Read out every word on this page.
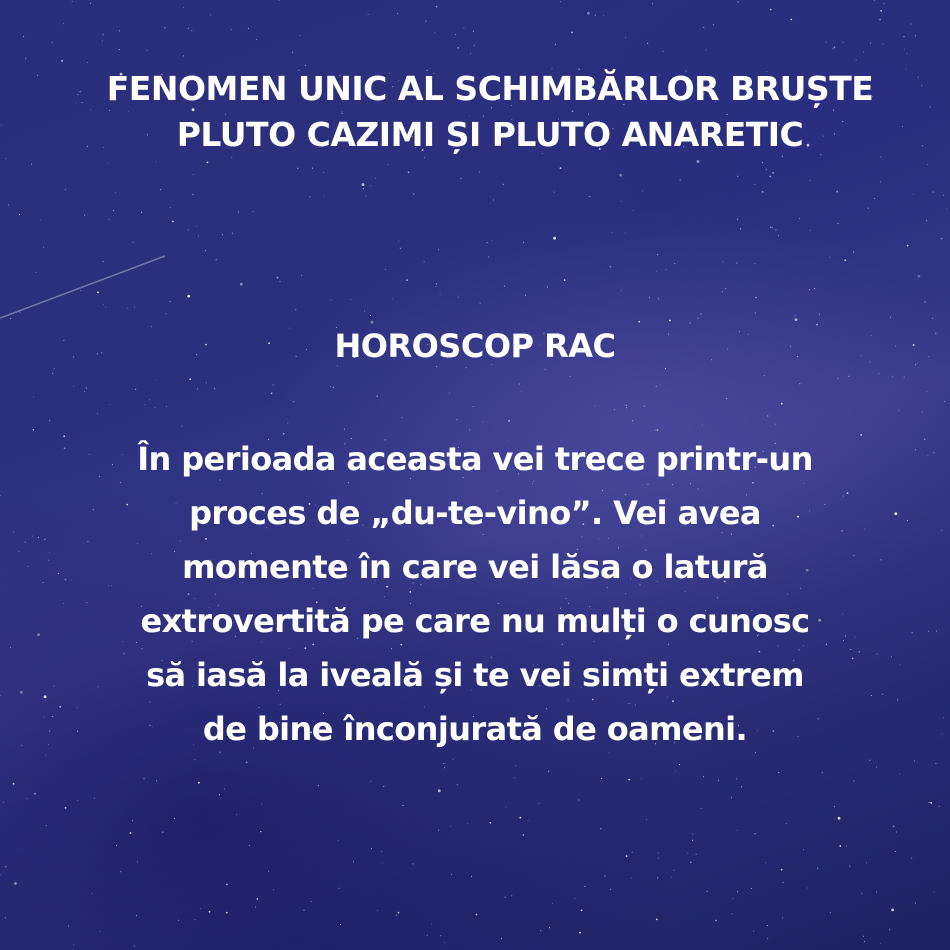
FENOMEN UNIC AL SCHIMBĂRLOR BRUȘTE
PLUTO CAZIMI ȘI PLUTO ANARETIC
HOROSCOP RAC
În perioada aceasta vei trece printr-un
proces de „du-te-vino”. Vei avea
momente în care vei lăsa o latură
extrovertită pe care nu mulți o cunosc
să iasă la iveală și te vei simți extrem
de bine înconjurată de oameni.
